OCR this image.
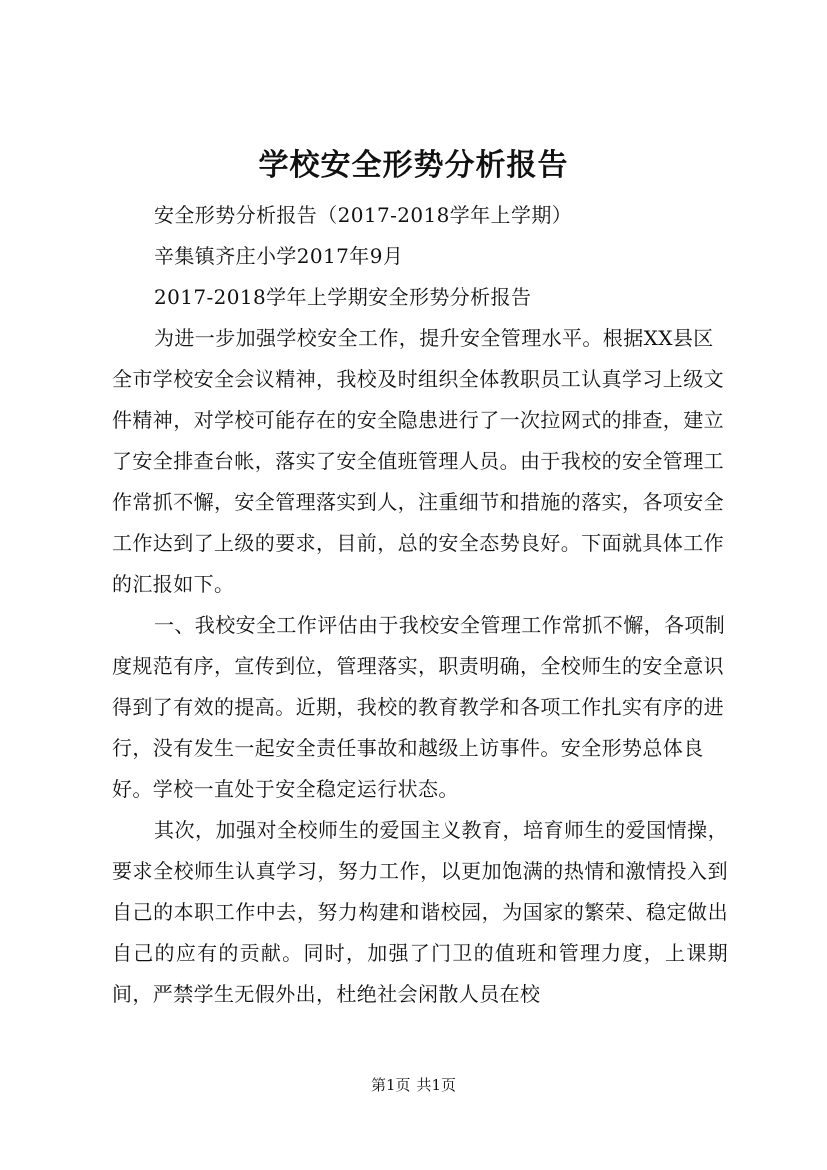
学校安全形势分析报告

安全形势分析报告（2017-2018学年上学期）

辛集镇齐庄小学2017年9月

2017-2018学年上学期安全形势分析报告

为进一步加强学校安全工作，提升安全管理水平。根据XX县区全市学校安全会议精神，我校及时组织全体教职员工认真学习上级文件精神，对学校可能存在的安全隐患进行了一次拉网式的排查，建立了安全排查台帐，落实了安全值班管理人员。由于我校的安全管理工作常抓不懈，安全管理落实到人，注重细节和措施的落实，各项安全工作达到了上级的要求，目前，总的安全态势良好。下面就具体工作的汇报如下。

一、我校安全工作评估由于我校安全管理工作常抓不懈，各项制度规范有序，宣传到位，管理落实，职责明确，全校师生的安全意识得到了有效的提高。近期，我校的教育教学和各项工作扎实有序的进行，没有发生一起安全责任事故和越级上访事件。安全形势总体良好。学校一直处于安全稳定运行状态。

其次，加强对全校师生的爱国主义教育，培育师生的爱国情操，要求全校师生认真学习，努力工作，以更加饱满的热情和激情投入到自己的本职工作中去，努力构建和谐校园，为国家的繁荣、稳定做出自己的应有的贡献。同时，加强了门卫的值班和管理力度，上课期间，严禁学生无假外出，杜绝社会闲散人员在校

第1页 共1页
